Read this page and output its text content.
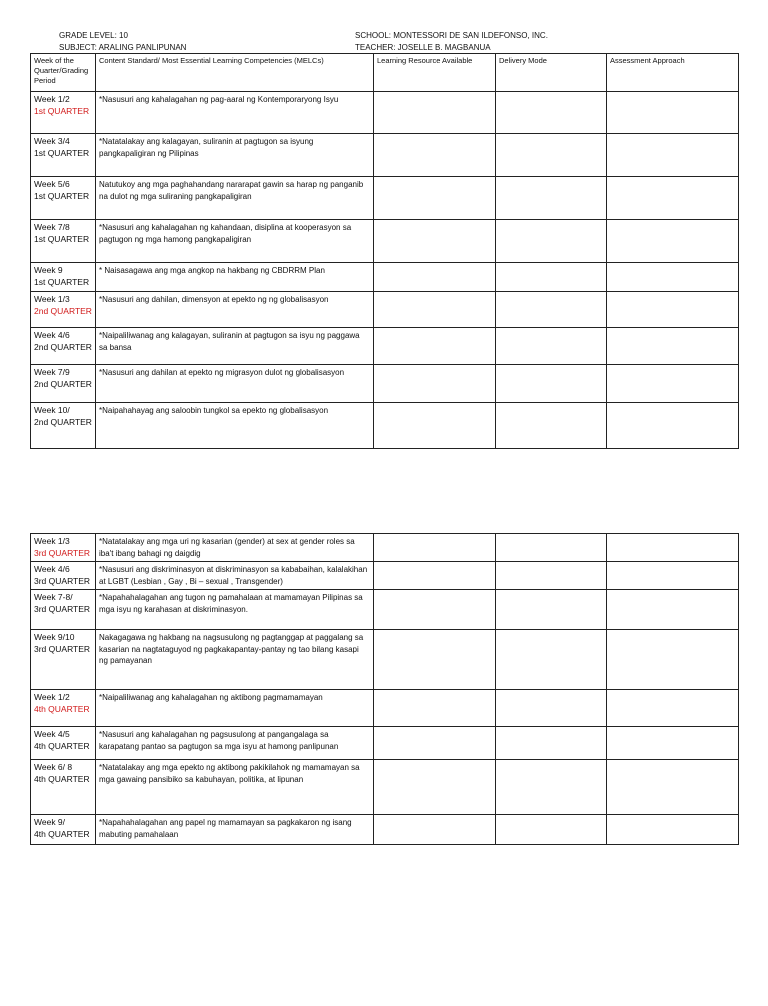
GRADE LEVEL: 10
SUBJECT: ARALING PANLIPUNAN
SCHOOL: MONTESSORI DE SAN ILDEFONSO, INC.
TEACHER: JOSELLE B. MAGBANUA
Week of the Quarter/Grading Period	Content Standard/ Most Essential Learning Competencies (MELCs)	Learning Resource Available	Delivery Mode	Assessment Approach

Week 1/2
1st QUARTER	*Nasusuri ang kahalagahan ng pag-aaral ng Kontemporaryong Isyu			

Week 3/4
1st QUARTER	*Natatalakay ang kalagayan, suliranin at pagtugon sa isyung pangkapaligiran ng Pilipinas			

Week 5/6
1st QUARTER	Natutukoy ang mga paghahandang nararapat gawin sa harap ng panganib na dulot ng mga suliraning pangkapaligiran			

Week 7/8
1st QUARTER	*Nasusuri ang kahalagahan ng kahandaan, disiplina at kooperasyon sa pagtugon ng mga hamong pangkapaligiran			

Week 9
1st QUARTER	* Naisasagawa ang mga angkop na hakbang ng CBDRRM Plan			

Week 1/3
2nd QUARTER	*Nasusuri ang dahilan, dimensyon at epekto ng ng globalisasyon			

Week 4/6
2nd QUARTER	*Naipaliliwanag ang kalagayan, suliranin at pagtugon sa isyu ng paggawa sa bansa			

Week 7/9
2nd QUARTER	*Nasusuri ang dahilan at epekto ng migrasyon dulot ng globalisasyon			

Week 10/
2nd QUARTER	*Naipahahayag ang saloobin tungkol sa epekto ng globalisasyon			

Week 1/3
3rd QUARTER	*Natatalakay ang mga uri ng kasarian (gender) at sex at gender roles sa iba't ibang bahagi ng daigdig			

Week 4/6
3rd QUARTER	*Nasusuri ang diskriminasyon at diskriminasyon sa kababaihan, kalalakihan at LGBT (Lesbian , Gay , Bi – sexual , Transgender)			

Week 7-8/
3rd QUARTER	*Napahahalagahan ang tugon ng pamahalaan at mamamayan Pilipinas sa mga isyu ng karahasan at diskriminasyon.			

Week 9/10
3rd QUARTER	Nakagagawa ng hakbang na nagsusulong ng pagtanggap at paggalang sa
kasarian na nagtataguyod ng pagkakapantay-pantay ng tao bilang kasapi
ng pamayanan			

Week 1/2
4th QUARTER	*Naipaliliwanag ang kahalagahan ng aktibong pagmamamayan			

Week 4/5
4th QUARTER	*Nasusuri ang kahalagahan ng pagsusulong at pangangalaga sa karapatang pantao sa pagtugon sa mga isyu at hamong panlipunan			

Week 6/ 8
4th QUARTER	*Natatalakay ang mga epekto ng aktibong pakikilahok ng mamamayan sa mga gawaing pansibiko sa kabuhayan, politika, at lipunan			

Week 9/
4th QUARTER	*Napahahalagahan ang papel ng mamamayan sa pagkakaron ng isang mabuting pamahalaan			
